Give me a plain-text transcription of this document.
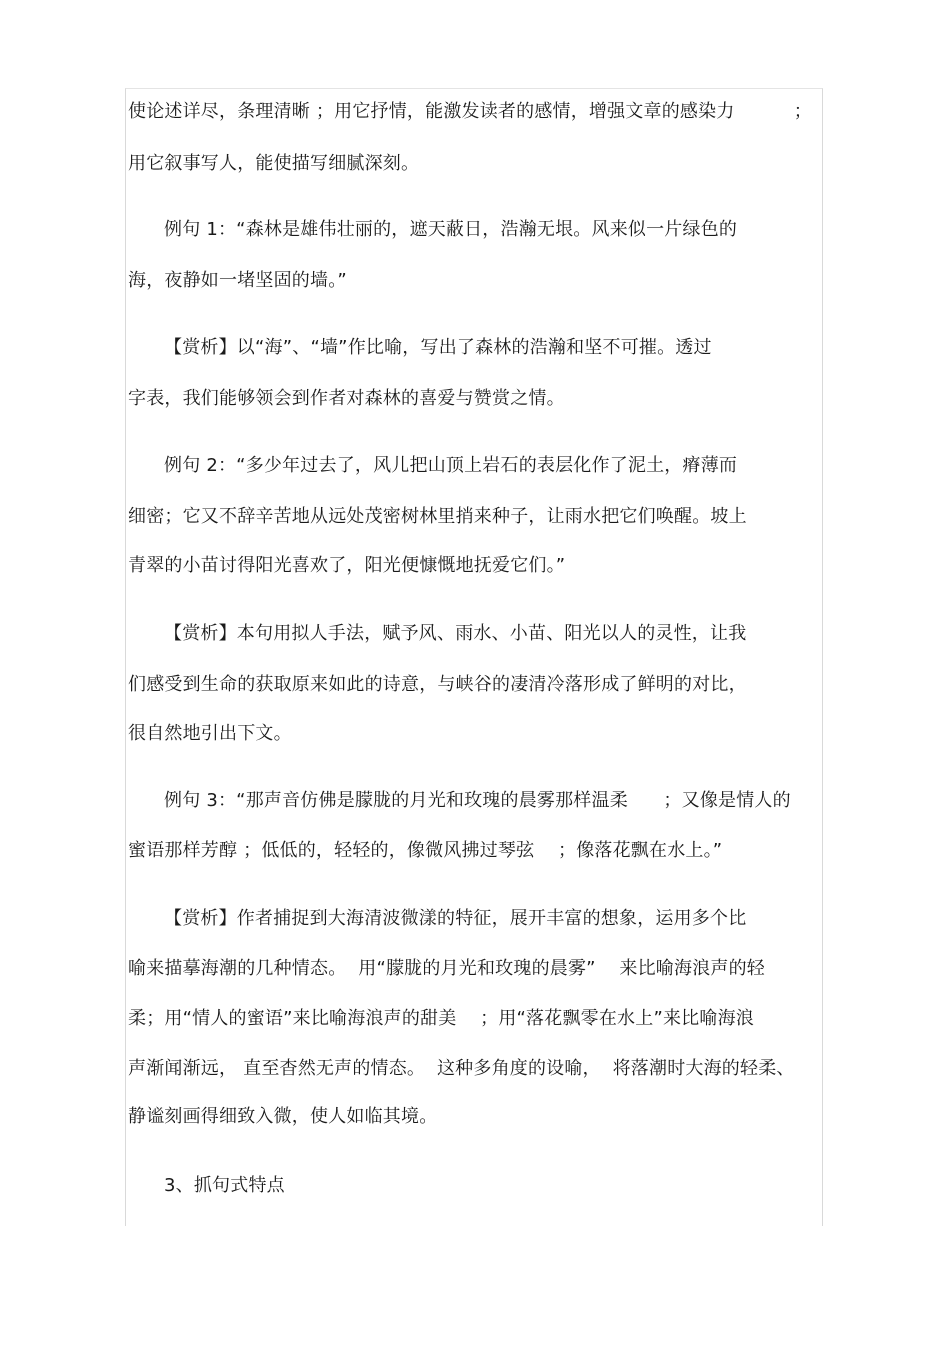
使论述详尽，条理清晰 ；用它抒情，能激发读者的感情，增强文章的感染力          ；
用它叙事写人，能使描写细腻深刻。
例句 1：“森林是雄伟壮丽的，遮天蔽日，浩瀚无垠。风来似一片绿色的
海，夜静如一堵坚固的墙。”
【赏析】以“海”、“墙”作比喻，写出了森林的浩瀚和坚不可摧。透过
字表，我们能够领会到作者对森林的喜爱与赞赏之情。
例句 2：“多少年过去了，风儿把山顶上岩石的表层化作了泥土，瘠薄而
细密；它又不辞辛苦地从远处茂密树林里捎来种子，让雨水把它们唤醒。坡上
青翠的小苗讨得阳光喜欢了，阳光便慷慨地抚爱它们。”
【赏析】本句用拟人手法，赋予风、雨水、小苗、阳光以人的灵性，让我
们感受到生命的获取原来如此的诗意，与峡谷的凄清冷落形成了鲜明的对比，
很自然地引出下文。
例句 3：“那声音仿佛是朦胧的月光和玫瑰的晨雾那样温柔      ；又像是情人的
蜜语那样芳醇 ；低低的，轻轻的，像微风拂过琴弦    ；像落花飘在水上。”
【赏析】作者捕捉到大海清波微漾的特征，展开丰富的想象，运用多个比
喻来描摹海潮的几种情态。  用“朦胧的月光和玫瑰的晨雾”    来比喻海浪声的轻
柔；用“情人的蜜语”来比喻海浪声的甜美    ；用“落花飘零在水上”来比喻海浪
声渐闻渐远， 直至杳然无声的情态。  这种多角度的设喻，  将落潮时大海的轻柔、
静谧刻画得细致入微，使人如临其境。
3、抓句式特点
